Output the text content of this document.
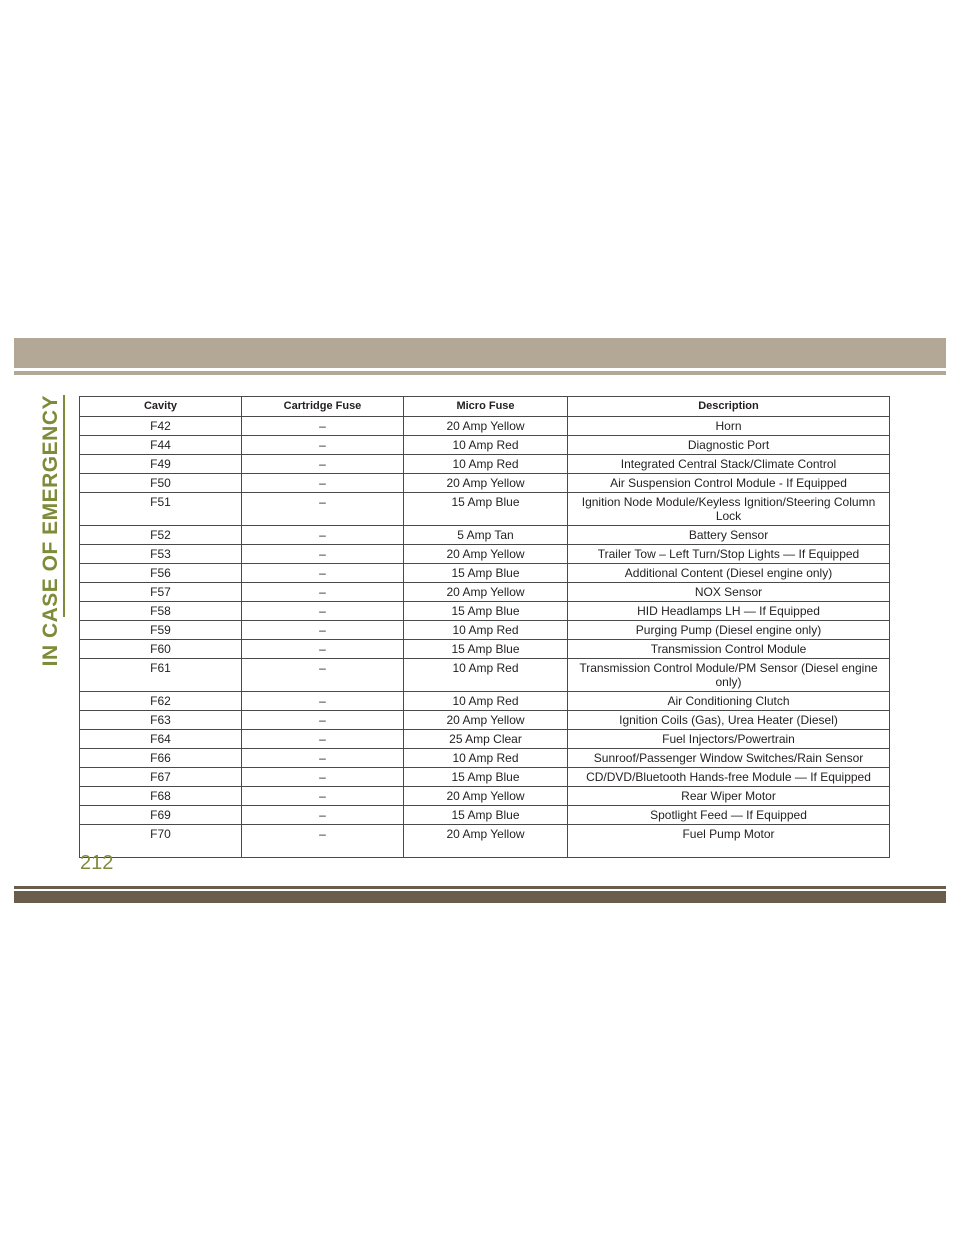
IN CASE OF EMERGENCY	Cavity	Cartridge Fuse	Micro Fuse	Description
F42	–	20 Amp Yellow	Horn
F44	–	10 Amp Red	Diagnostic Port
F49	–	10 Amp Red	Integrated Central Stack/Climate Control
F50	–	20 Amp Yellow	Air Suspension Control Module - If Equipped
F51	–	15 Amp Blue	Ignition Node Module/Keyless Ignition/Steering Column Lock
F52	–	5 Amp Tan	Battery Sensor
F53	–	20 Amp Yellow	Trailer Tow – Left Turn/Stop Lights — If Equipped
F56	–	15 Amp Blue	Additional Content (Diesel engine only)
F57	–	20 Amp Yellow	NOX Sensor
F58	–	15 Amp Blue	HID Headlamps LH — If Equipped
F59	–	10 Amp Red	Purging Pump (Diesel engine only)
F60	–	15 Amp Blue	Transmission Control Module
F61	–	10 Amp Red	Transmission Control Module/PM Sensor (Diesel engine only)
F62	–	10 Amp Red	Air Conditioning Clutch
F63	–	20 Amp Yellow	Ignition Coils (Gas), Urea Heater (Diesel)
F64	–	25 Amp Clear	Fuel Injectors/Powertrain
F66	–	10 Amp Red	Sunroof/Passenger Window Switches/Rain Sensor
F67	–	15 Amp Blue	CD/DVD/Bluetooth Hands-free Module — If Equipped
F68	–	20 Amp Yellow	Rear Wiper Motor
F69	–	15 Amp Blue	Spotlight Feed — If Equipped
F70	–	20 Amp Yellow	Fuel Pump Motor
212
